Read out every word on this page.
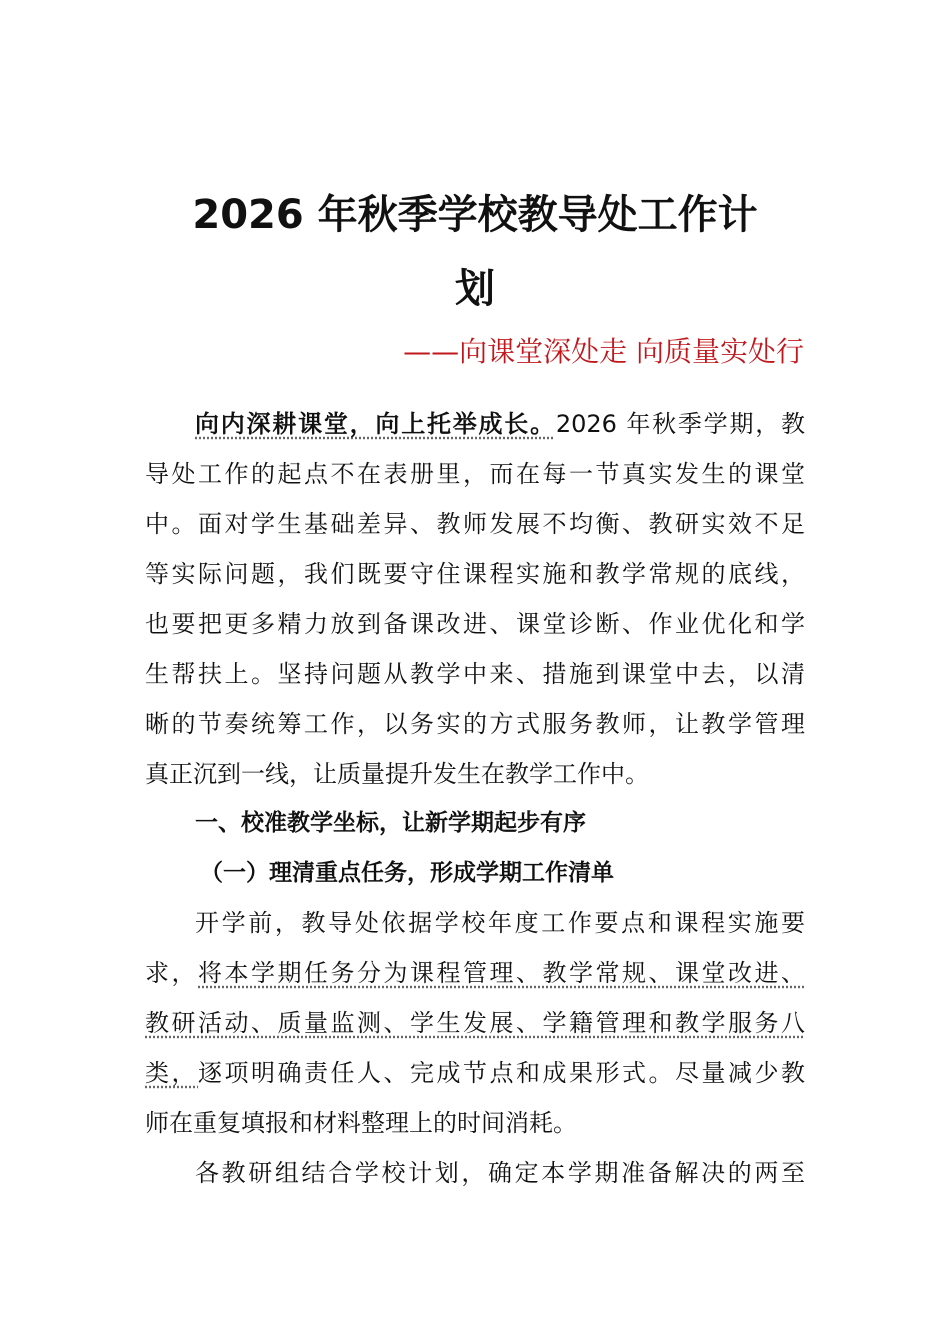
2026 年秋季学校教导处工作计
划
——向课堂深处走 向质量实处行
向内深耕课堂，向上托举成长。2026 年秋季学期，教
导处工作的起点不在表册里，而在每一节真实发生的课堂
中。面对学生基础差异、教师发展不均衡、教研实效不足
等实际问题，我们既要守住课程实施和教学常规的底线，
也要把更多精力放到备课改进、课堂诊断、作业优化和学
生帮扶上。坚持问题从教学中来、措施到课堂中去，以清
晰的节奏统筹工作，以务实的方式服务教师，让教学管理
真正沉到一线，让质量提升发生在教学工作中。
一、校准教学坐标，让新学期起步有序
（一）理清重点任务，形成学期工作清单
开学前，教导处依据学校年度工作要点和课程实施要
求，将本学期任务分为课程管理、教学常规、课堂改进、
教研活动、质量监测、学生发展、学籍管理和教学服务八
类，逐项明确责任人、完成节点和成果形式。尽量减少教
师在重复填报和材料整理上的时间消耗。
各教研组结合学校计划，确定本学期准备解决的两至
